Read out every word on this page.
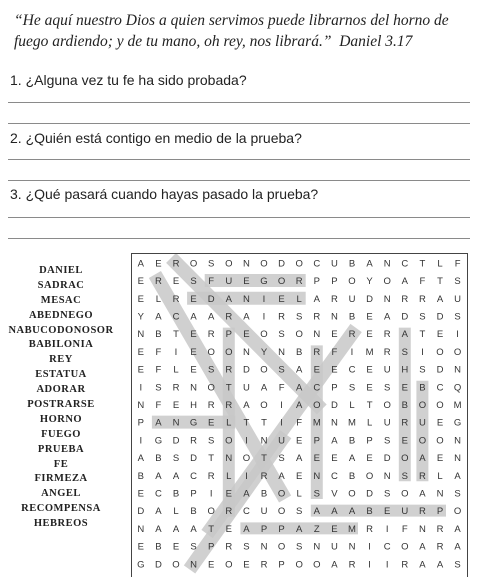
“He aquí nuestro Dios a quien servimos puede librarnos del horno de fuego ardiendo; y de tu mano, oh rey, nos librará.” Daniel 3.17
1. ¿Alguna vez tu fe ha sido probada?
2. ¿Quién está contigo en medio de la prueba?
3. ¿Qué pasará cuando hayas pasado la prueba?
DANIEL
SADRAC
MESAC
ABEDNEGO
NABUCODONOSOR
BABILONIA
REY
ESTATUA
ADORAR
POSTRARSE
HORNO
FUEGO
PRUEBA
FE
FIRMEZA
ANGEL
RECOMPENSA
HEBREOS
A E R O S O N O D O C U B A N C T L F
E R E S F U E G O R P P O Y O A F T S
E L R E D A N I E L A R U D N R R A U
Y A C A A R A I R S R N B E A D S D S
N B T E R P E O S O N E R E R A T E I
E F I E O O N Y N B R F I M R S I O O
E F L E S R D O S A E E C E U H S D N
I S R N O T U A F A C P S E S E B C Q
N F E H R R A O I A O D L T O B O O M
P A N G E L T T I F M N M L U R U E G
I G D R S O I N U E P A B P S E O O N
A B S D T N O T S A E E A E D O A E N
B A A C R L I R A E N C B O N S R L A
E C B P I E A B O L S V O D S O A N S
D A L B O R C U O S A A A B E U R P O
N A A A T E A P P A Z E M R I F N R A
E B E S P R S N O S N U N I C O A R A
G D O N E O E R P O O A R I I R A A S
